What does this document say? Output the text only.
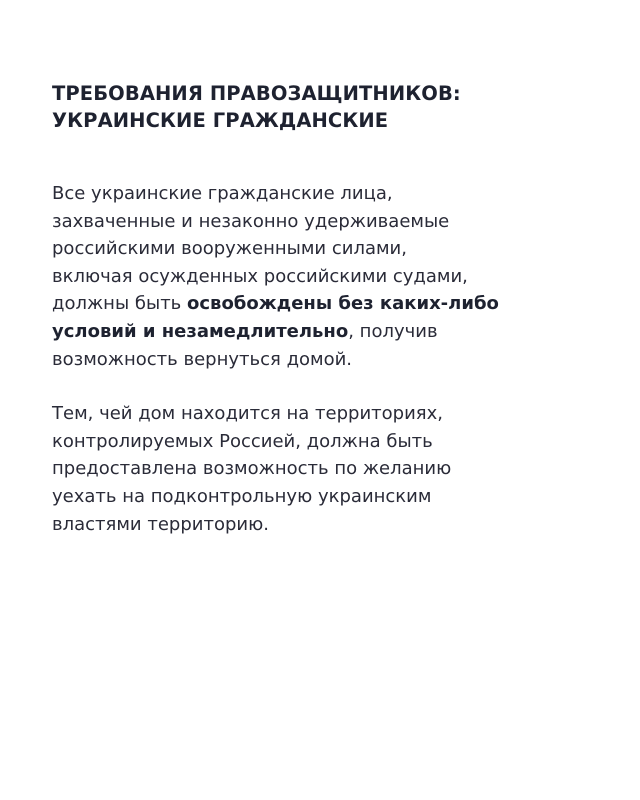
ТРЕБОВАНИЯ ПРАВОЗАЩИТНИКОВ:
УКРАИНСКИЕ ГРАЖДАНСКИЕ

Все украинские гражданские лица,
захваченные и незаконно удерживаемые
российскими вооруженными силами,
включая осужденных российскими судами,
должны быть освобождены без каких-либо
условий и незамедлительно, получив
возможность вернуться домой.

Тем, чей дом находится на территориях,
контролируемых Россией, должна быть
предоставлена возможность по желанию
уехать на подконтрольную украинским
властями территорию.
